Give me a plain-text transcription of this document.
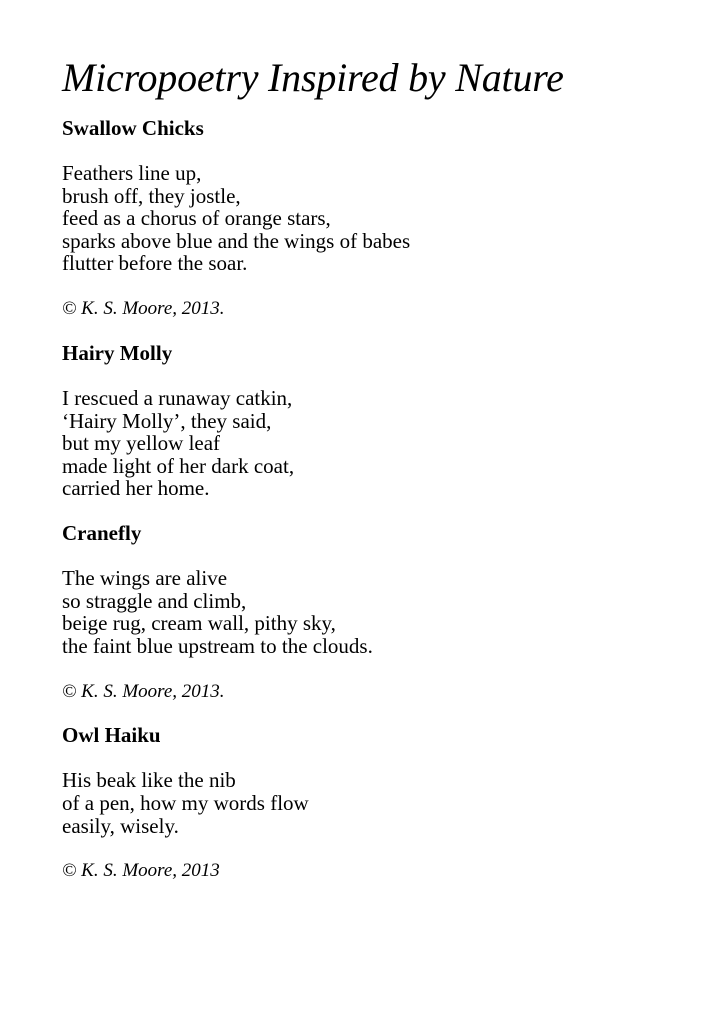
Micropoetry Inspired by Nature
Swallow Chicks
Feathers line up,
brush off, they jostle,
feed as a chorus of orange stars,
sparks above blue and the wings of babes
flutter before the soar.

© K. S. Moore, 2013.

Hairy Molly
I rescued a runaway catkin,
‘Hairy Molly’, they said,
but my yellow leaf
made light of her dark coat,
carried her home.
Cranefly
The wings are alive
so straggle and climb,
beige rug, cream wall, pithy sky,
the faint blue upstream to the clouds.

© K. S. Moore, 2013.

Owl Haiku
His beak like the nib
of a pen, how my words flow
easily, wisely.

© K. S. Moore, 2013
